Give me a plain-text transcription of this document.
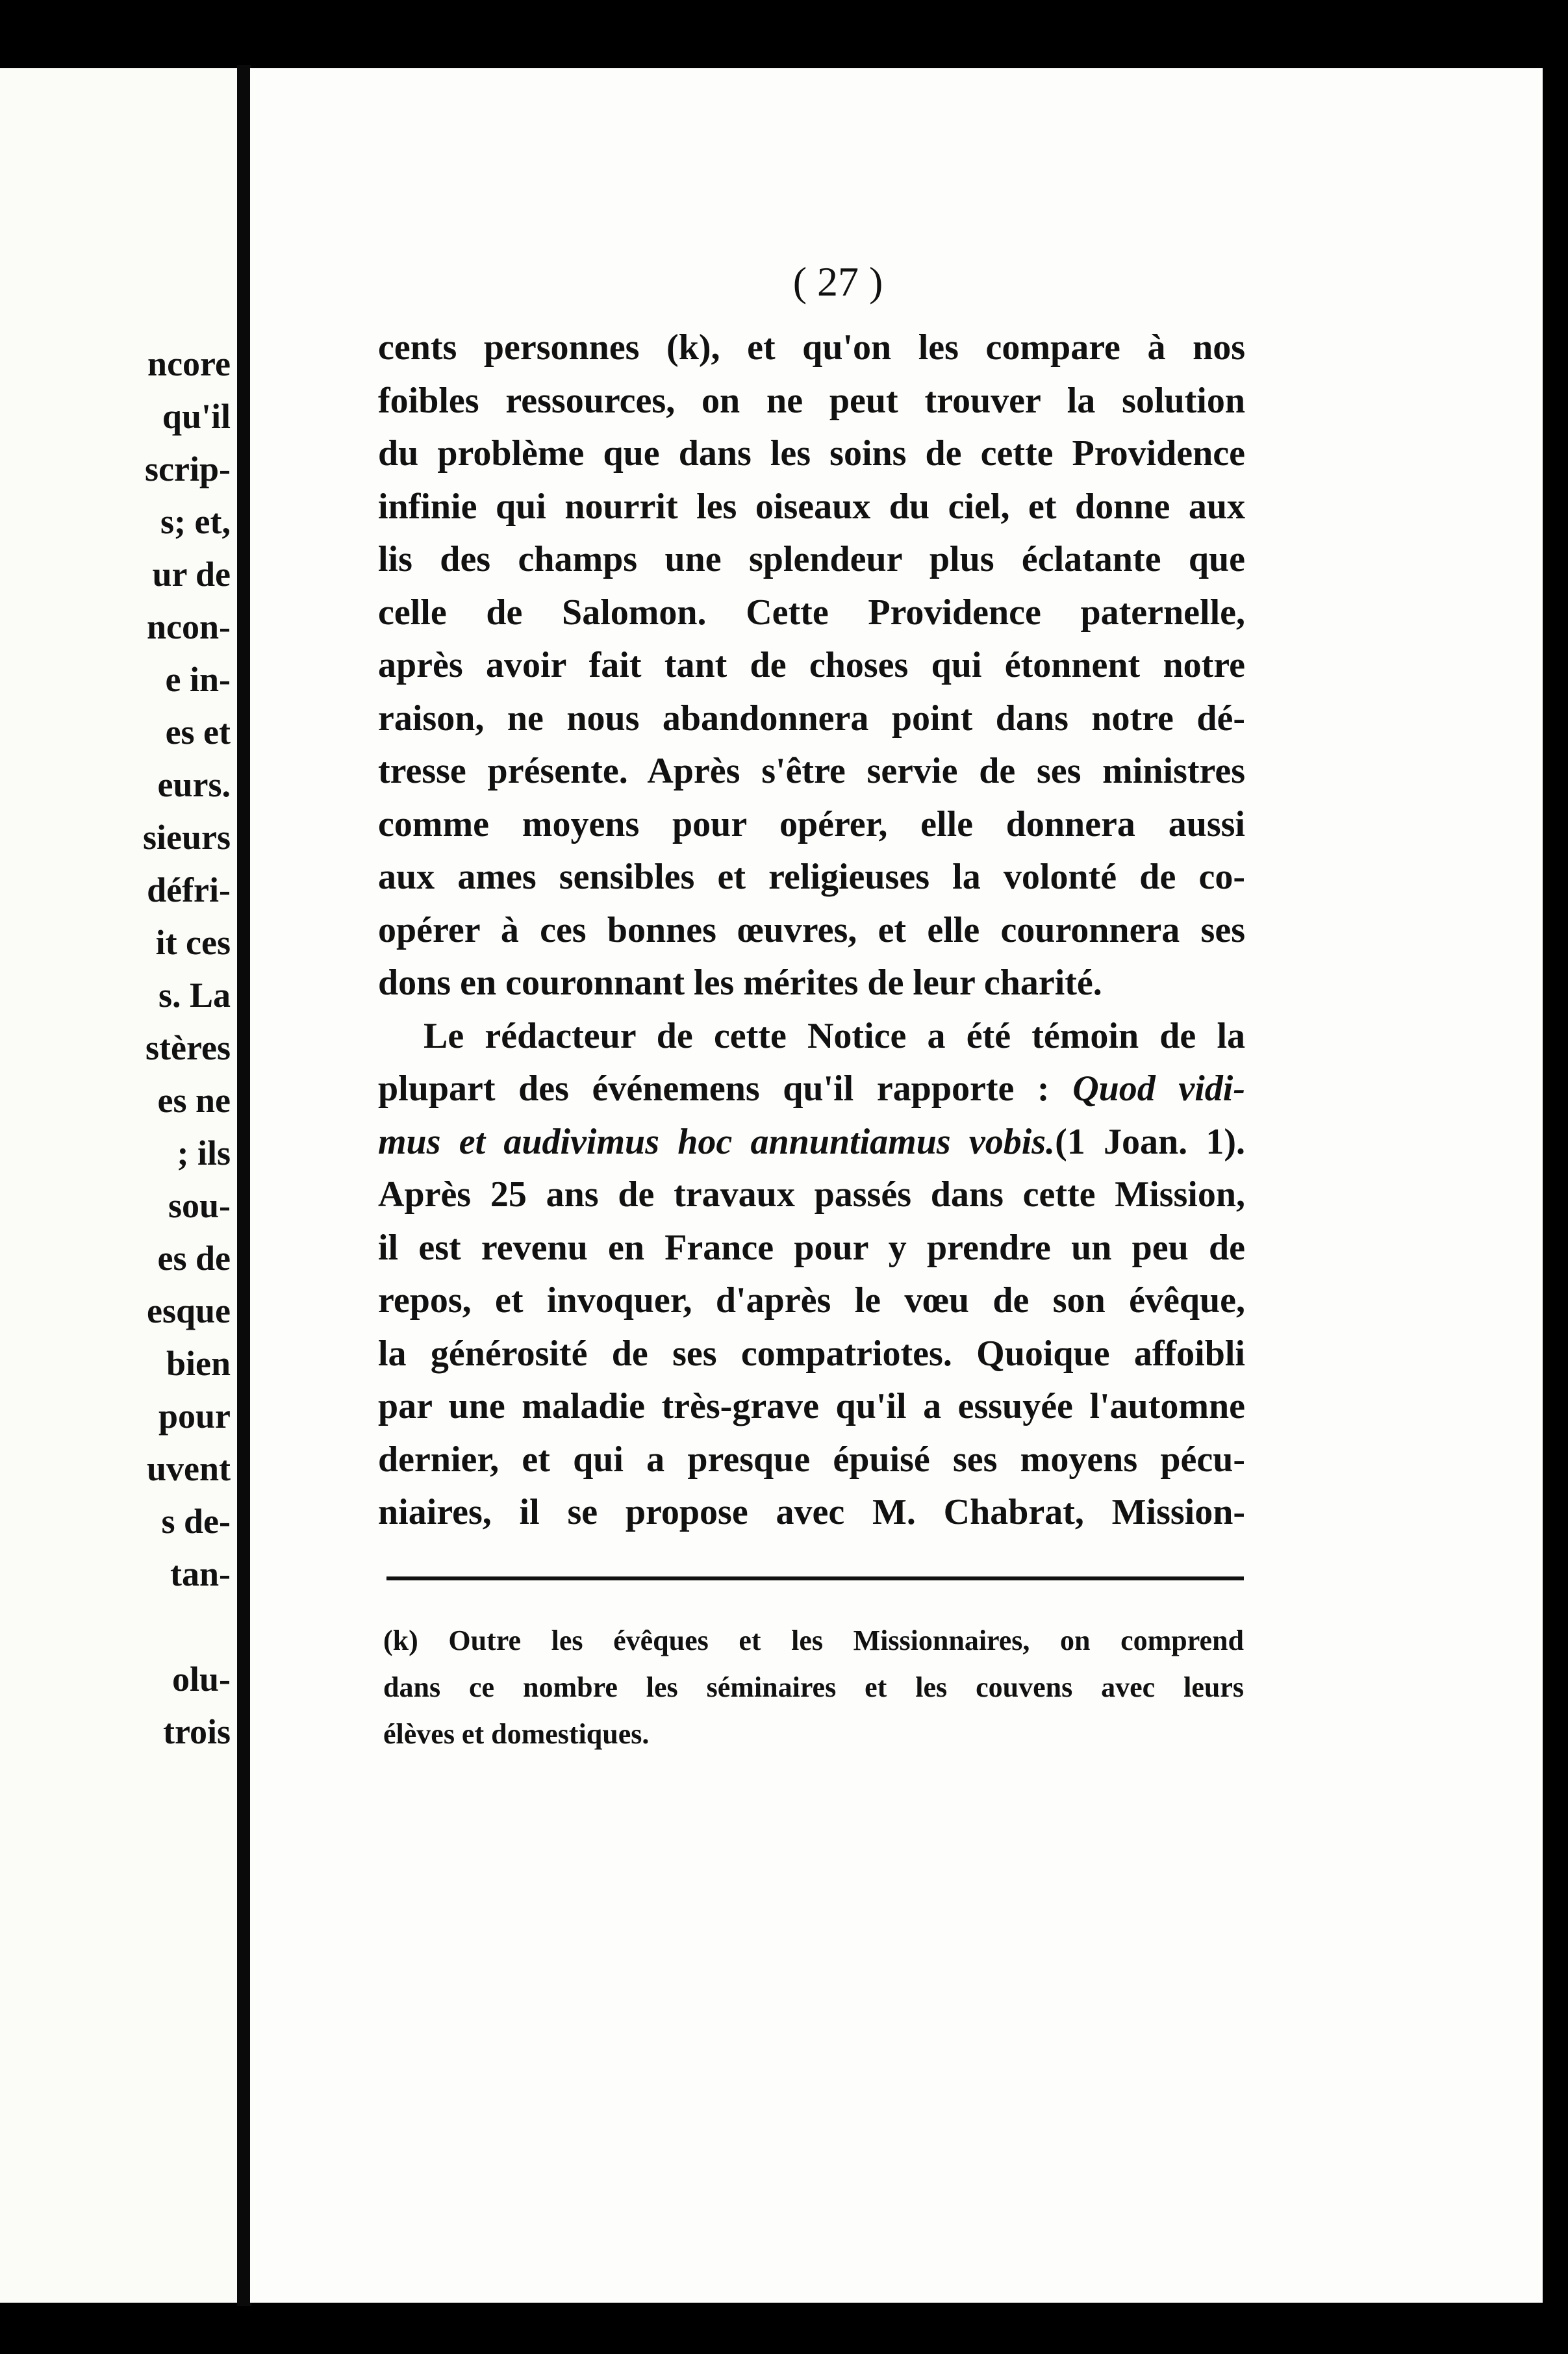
ncore
qu'il
scrip-
s; et,
ur de
ncon-
e in-
es et
eurs.
sieurs
défri-
it ces
s. La
stères
es ne
; ils
sou-
es de
esque
bien
pour
uvent
s de-
tan-
olu-
trois
( 27 )
cents personnes (k), et qu'on les compare à nos
foibles ressources, on ne peut trouver la solution
du problème que dans les soins de cette Providence
infinie qui nourrit les oiseaux du ciel, et donne aux
lis des champs une splendeur plus éclatante que
celle de Salomon. Cette Providence paternelle,
après avoir fait tant de choses qui étonnent notre
raison, ne nous abandonnera point dans notre dé-
tresse présente. Après s'être servie de ses ministres
comme moyens pour opérer, elle donnera aussi
aux ames sensibles et religieuses la volonté de co-
opérer à ces bonnes œuvres, et elle couronnera ses
dons en couronnant les mérites de leur charité.
Le rédacteur de cette Notice a été témoin de la
plupart des événemens qu'il rapporte : Quod vidi-
mus et audivimus hoc annuntiamus vobis.(1 Joan. 1).
Après 25 ans de travaux passés dans cette Mission,
il est revenu en France pour y prendre un peu de
repos, et invoquer, d'après le vœu de son évêque,
la générosité de ses compatriotes. Quoique affoibli
par une maladie très-grave qu'il a essuyée l'automne
dernier, et qui a presque épuisé ses moyens pécu-
niaires, il se propose avec M. Chabrat, Mission-
(k) Outre les évêques et les Missionnaires, on comprend
dans ce nombre les séminaires et les couvens avec leurs
élèves et domestiques.
